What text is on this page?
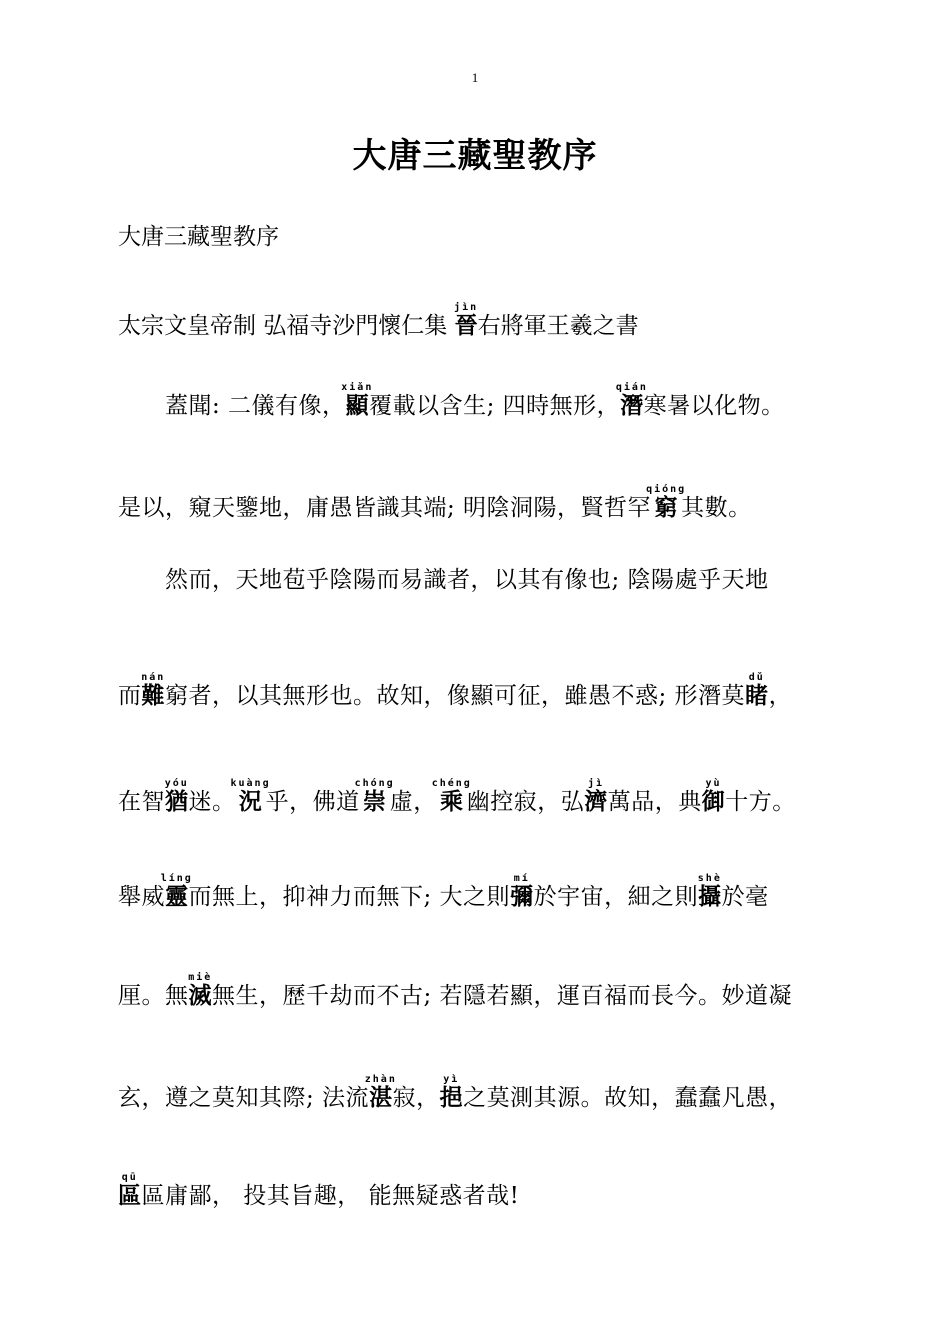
1
大唐三藏聖教序
大唐三藏聖教序
太宗文皇帝制 弘福寺沙門懷仁集 晉jìn右將軍王羲之書
蓋聞: 二儀有像，顯xiǎn覆載以含生; 四時無形，潛qián寒暑以化物。
是以，窺天鑒地，庸愚皆識其端; 明陰洞陽，賢哲罕窮qióng其數。
然而，天地苞乎陰陽而易識者，以其有像也; 陰陽處乎天地
而難nán窮者，以其無形也。故知，像顯可征，雖愚不惑; 形潛莫睹dǔ，
在智猶yóu迷。況kuàng乎，佛道崇chóng虛，乘chéng幽控寂，弘濟jì萬品，典御yù十方。
舉威靈líng而無上，抑神力而無下; 大之則彌mí於宇宙，細之則攝shè於毫
厘。無滅miè無生，歷千劫而不古; 若隱若顯，運百福而長今。妙道凝
玄，遵之莫知其際; 法流湛zhàn寂，挹yì之莫測其源。故知，蠢蠢凡愚，
區qū區庸鄙， 投其旨趣， 能無疑惑者哉!
